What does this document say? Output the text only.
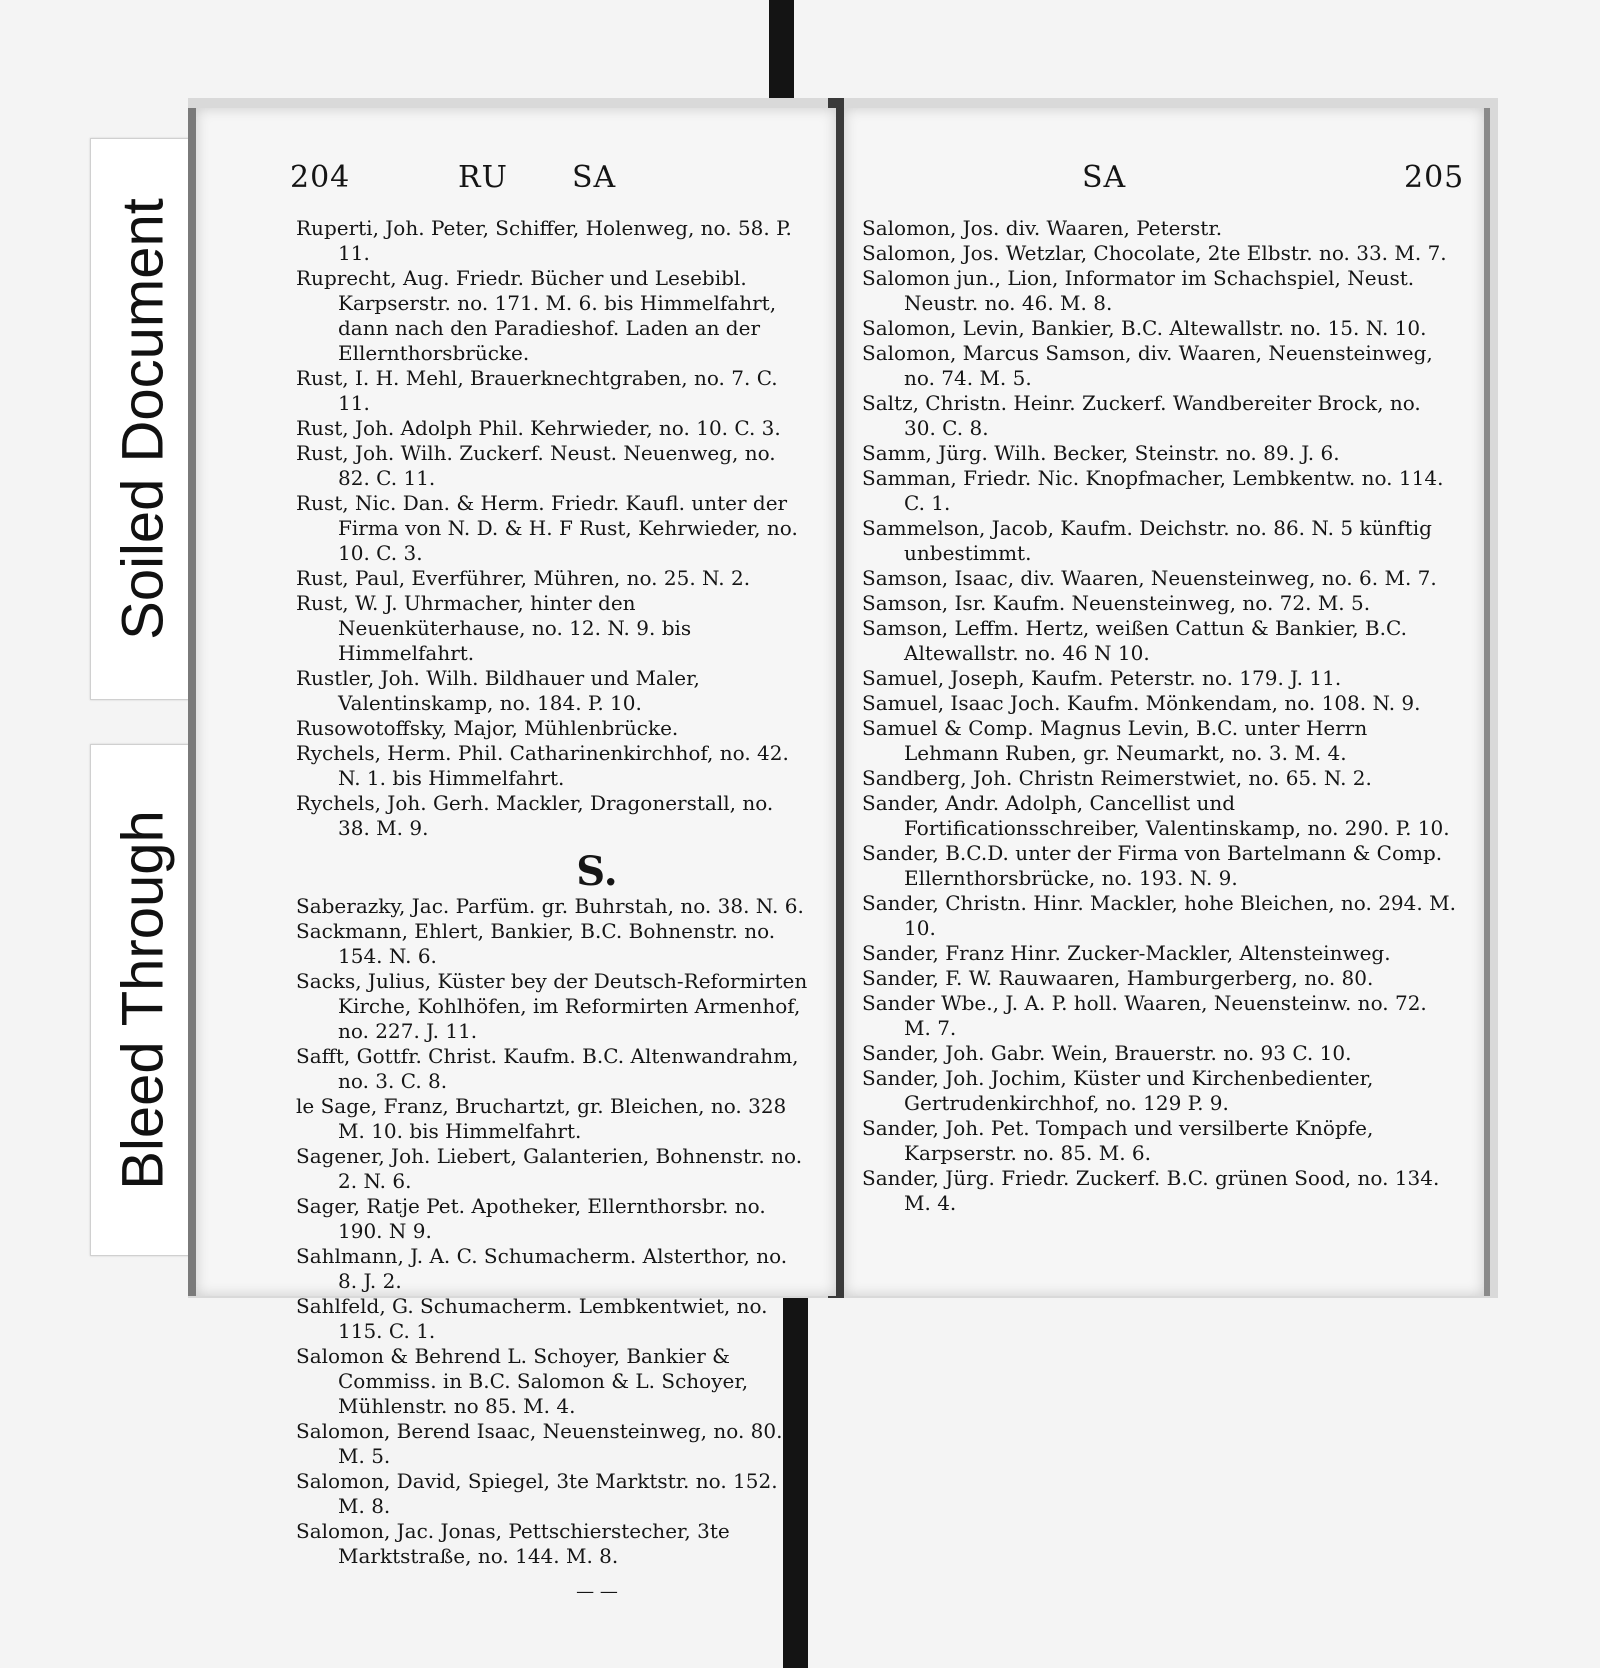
Soiled Document
Bleed Through
204	RU SA
Ruperti, Joh. Peter, Schiffer, Holenweg, no. 58. P. 11.
Ruprecht, Aug. Friedr. Bücher und Lesebibl. Karpserstr. no. 171. M. 6. bis Himmelfahrt, dann nach den Paradieshof. Laden an der Ellernthorsbrücke.
Rust, I. H. Mehl, Brauerknechtgraben, no. 7. C. 11.
Rust, Joh. Adolph Phil. Kehrwieder, no. 10. C. 3.
Rust, Joh. Wilh. Zuckerf. Neust. Neuenweg, no. 82. C. 11.
Rust, Nic. Dan. & Herm. Friedr. Kaufl. unter der Firma von N. D. & H. F Rust, Kehrwieder, no. 10. C. 3.
Rust, Paul, Everführer, Mühren, no. 25. N. 2.
Rust, W. J. Uhrmacher, hinter den Neuenküterhause, no. 12. N. 9. bis Himmelfahrt.
Rustler, Joh. Wilh. Bildhauer und Maler, Valentinskamp, no. 184. P. 10.
Rusowotoffsky, Major, Mühlenbrücke.
Rychels, Herm. Phil. Catharinenkirchhof, no. 42. N. 1. bis Himmelfahrt.
Rychels, Joh. Gerh. Mackler, Dragonerstall, no. 38. M. 9.
S.
Saberazky, Jac. Parfüm. gr. Buhrstah, no. 38. N. 6.
Sackmann, Ehlert, Bankier, B.C. Bohnenstr. no. 154. N. 6.
Sacks, Julius, Küster bey der Deutsch-Reformirten Kirche, Kohlhöfen, im Reformirten Armenhof, no. 227. J. 11.
Safft, Gottfr. Christ. Kaufm. B.C. Altenwandrahm, no. 3. C. 8.
le Sage, Franz, Bruchartzt, gr. Bleichen, no. 328 M. 10. bis Himmelfahrt.
Sagener, Joh. Liebert, Galanterien, Bohnenstr. no. 2. N. 6.
Sager, Ratje Pet. Apotheker, Ellernthorsbr. no. 190. N 9.
Sahlmann, J. A. C. Schumacherm. Alsterthor, no. 8. J. 2.
Sahlfeld, G. Schumacherm. Lembkentwiet, no. 115. C. 1.
Salomon & Behrend L. Schoyer, Bankier & Commiss. in B.C. Salomon & L. Schoyer, Mühlenstr. no 85. M. 4.
Salomon, Berend Isaac, Neuensteinweg, no. 80. M. 5.
Salomon, David, Spiegel, 3te Marktstr. no. 152. M. 8.
Salomon, Jac. Jonas, Pettschierstecher, 3te Marktstraße, no. 144. M. 8.
— —
SA	205
Salomon, Jos. div. Waaren, Peterstr.
Salomon, Jos. Wetzlar, Chocolate, 2te Elbstr. no. 33. M. 7.
Salomon jun., Lion, Informator im Schachspiel, Neust. Neustr. no. 46. M. 8.
Salomon, Levin, Bankier, B.C. Altewallstr. no. 15. N. 10.
Salomon, Marcus Samson, div. Waaren, Neuensteinweg, no. 74. M. 5.
Saltz, Christn. Heinr. Zuckerf. Wandbereiter Brock, no. 30. C. 8.
Samm, Jürg. Wilh. Becker, Steinstr. no. 89. J. 6.
Samman, Friedr. Nic. Knopfmacher, Lembkentw. no. 114. C. 1.
Sammelson, Jacob, Kaufm. Deichstr. no. 86. N. 5 künftig unbestimmt.
Samson, Isaac, div. Waaren, Neuensteinweg, no. 6. M. 7.
Samson, Isr. Kaufm. Neuensteinweg, no. 72. M. 5.
Samson, Leffm. Hertz, weißen Cattun & Bankier, B.C. Altewallstr. no. 46 N 10.
Samuel, Joseph, Kaufm. Peterstr. no. 179. J. 11.
Samuel, Isaac Joch. Kaufm. Mönkendam, no. 108. N. 9.
Samuel & Comp. Magnus Levin, B.C. unter Herrn Lehmann Ruben, gr. Neumarkt, no. 3. M. 4.
Sandberg, Joh. Christn Reimerstwiet, no. 65. N. 2.
Sander, Andr. Adolph, Cancellist und Fortificationsschreiber, Valentinskamp, no. 290. P. 10.
Sander, B.C.D. unter der Firma von Bartelmann & Comp. Ellernthorsbrücke, no. 193. N. 9.
Sander, Christn. Hinr. Mackler, hohe Bleichen, no. 294. M. 10.
Sander, Franz Hinr. Zucker-Mackler, Altensteinweg.
Sander, F. W. Rauwaaren, Hamburgerberg, no. 80.
Sander Wbe., J. A. P. holl. Waaren, Neuensteinw. no. 72. M. 7.
Sander, Joh. Gabr. Wein, Brauerstr. no. 93 C. 10.
Sander, Joh. Jochim, Küster und Kirchenbedienter, Gertrudenkirchhof, no. 129 P. 9.
Sander, Joh. Pet. Tompach und versilberte Knöpfe, Karpserstr. no. 85. M. 6.
Sander, Jürg. Friedr. Zuckerf. B.C. grünen Sood, no. 134. M. 4.
